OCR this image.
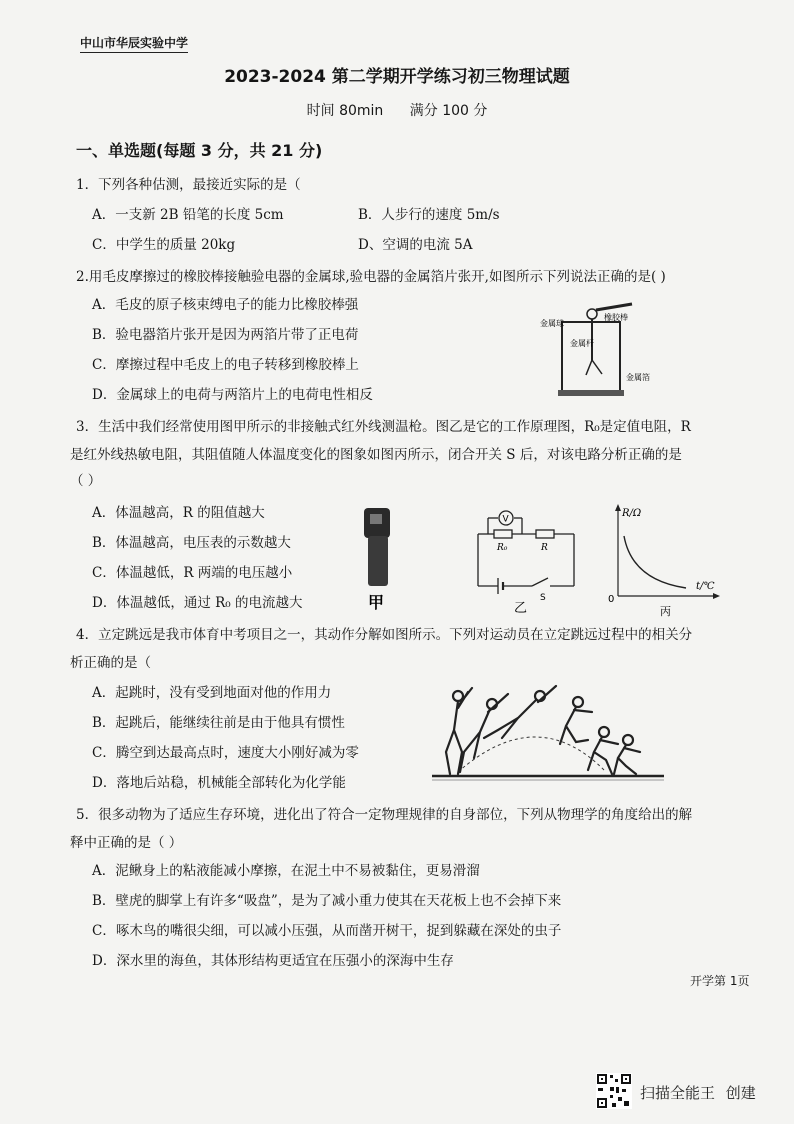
中山市华辰实验中学
2023-2024 第二学期开学练习初三物理试题
时间 80min 满分 100 分
一、单选题(每题 3 分，共 21 分)
1．下列各种估测，最接近实际的是（
A．一支新 2B 铅笔的长度 5cm	B．人步行的速度 5m/s
C．中学生的质量 20kg	D、空调的电流 5A
2.用毛皮摩擦过的橡胶棒接触验电器的金属球,验电器的金属箔片张开,如图所示下列说法正确的是( )
A．毛皮的原子核束缚电子的能力比橡胶棒强
B．验电器箔片张开是因为两箔片带了正电荷
C．摩擦过程中毛皮上的电子转移到橡胶棒上
D．金属球上的电荷与两箔片上的电荷电性相反
橡胶棒
金属球
金属杆
金属箔
3．生活中我们经常使用图甲所示的非接触式红外线测温枪。图乙是它的工作原理图，R₀是定值电阻，R
是红外线热敏电阻，其阻值随人体温度变化的图象如图丙所示，闭合开关 S 后，对该电路分析正确的是
（ ）
A．体温越高，R 的阻值越大
B．体温越高，电压表的示数越大
C．体温越低，R 两端的电压越小
D．体温越低，通过 R₀ 的电流越大	甲
V
R₀	R
S
乙
R/Ω
t/℃
0
丙
4．立定跳远是我市体育中考项目之一，其动作分解如图所示。下列对运动员在立定跳远过程中的相关分
析正确的是（
A．起跳时，没有受到地面对他的作用力
B．起跳后，能继续往前是由于他具有惯性
C．腾空到达最高点时，速度大小刚好减为零
D．落地后站稳，机械能全部转化为化学能
5．很多动物为了适应生存环境，进化出了符合一定物理规律的自身部位，下列从物理学的角度给出的解
释中正确的是（ ）
A．泥鳅身上的粘液能减小摩擦，在泥土中不易被黏住，更易滑溜
B．壁虎的脚掌上有许多“吸盘”，是为了减小重力使其在天花板上也不会掉下来
C．啄木鸟的嘴很尖细，可以减小压强，从而凿开树干，捉到躲藏在深处的虫子
D．深水里的海鱼，其体形结构更适宜在压强小的深海中生存
开学第 1页
扫描全能王 创建
